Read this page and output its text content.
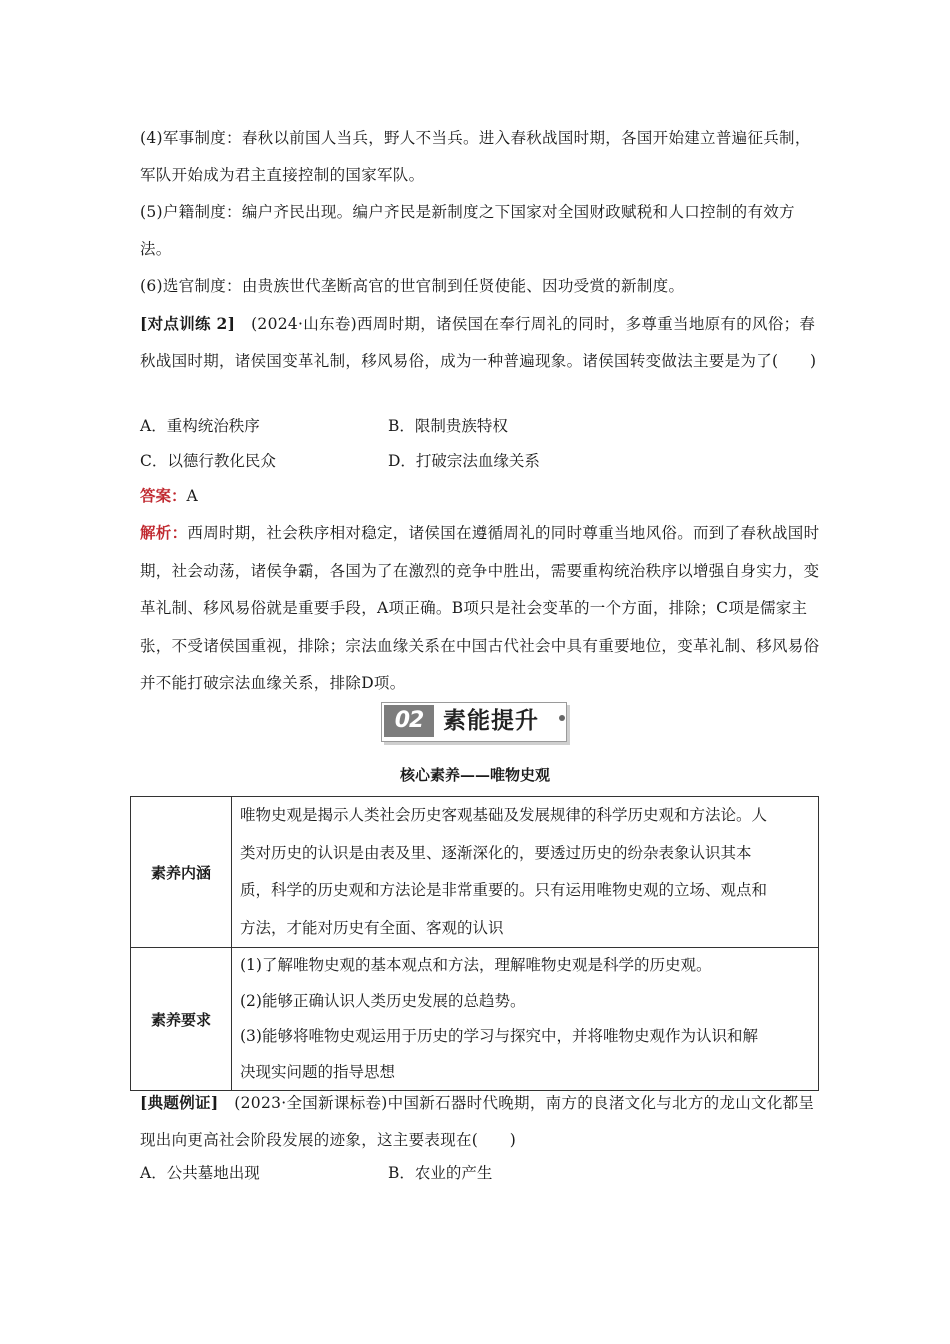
(4)军事制度：春秋以前国人当兵，野人不当兵。进入春秋战国时期，各国开始建立普遍征兵制，军队开始成为君主直接控制的国家军队。
(5)户籍制度：编户齐民出现。编户齐民是新制度之下国家对全国财政赋税和人口控制的有效方法。
(6)选官制度：由贵族世代垄断高官的世官制到任贤使能、因功受赏的新制度。
[对点训练 2]　 (2024·山东卷)西周时期，诸侯国在奉行周礼的同时，多尊重当地原有的风俗；春秋战国时期，诸侯国变革礼制，移风易俗，成为一种普遍现象。诸侯国转变做法主要是为了(　　)
A．重构统治秩序	B．限制贵族特权
C．以德行教化民众	D．打破宗法血缘关系
答案：A
解析：西周时期，社会秩序相对稳定，诸侯国在遵循周礼的同时尊重当地风俗。而到了春秋战国时期，社会动荡，诸侯争霸，各国为了在激烈的竞争中胜出，需要重构统治秩序以增强自身实力，变革礼制、移风易俗就是重要手段，A项正确。B项只是社会变革的一个方面，排除；C项是儒家主张，不受诸侯国重视，排除；宗法血缘关系在中国古代社会中具有重要地位，变革礼制、移风易俗并不能打破宗法血缘关系，排除D项。
02 素能提升
核心素养——唯物史观
素养内涵	唯物史观是揭示人类社会历史客观基础及发展规律的科学历史观和方法论。人
类对历史的认识是由表及里、逐渐深化的，要透过历史的纷杂表象认识其本
质，科学的历史观和方法论是非常重要的。只有运用唯物史观的立场、观点和
方法，才能对历史有全面、客观的认识

素养要求	(1)了解唯物史观的基本观点和方法，理解唯物史观是科学的历史观。
(2)能够正确认识人类历史发展的总趋势。
(3)能够将唯物史观运用于历史的学习与探究中，并将唯物史观作为认识和解
决现实问题的指导思想
[典题例证]　 (2023·全国新课标卷)中国新石器时代晚期，南方的良渚文化与北方的龙山文化都呈现出向更高社会阶段发展的迹象，这主要表现在(　　)
A．公共墓地出现	B．农业的产生
